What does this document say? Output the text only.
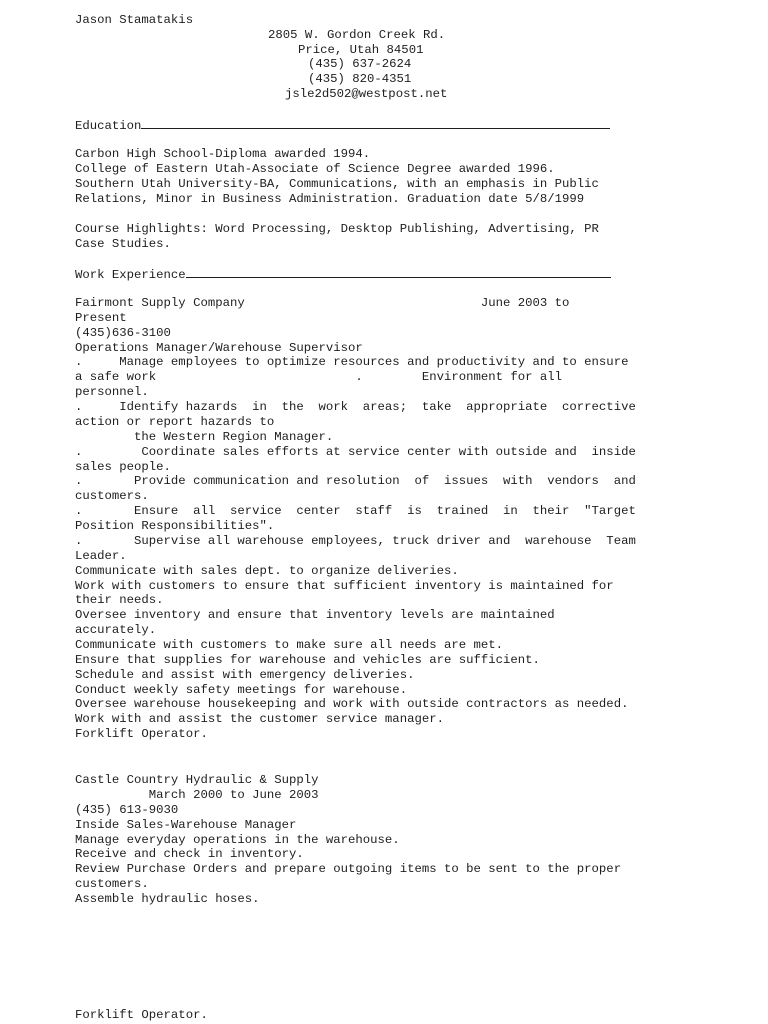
Jason Stamatakis
2805 W. Gordon Creek Rd.
Price, Utah 84501
(435) 637-2624
(435) 820-4351
jsle2d502@westpost.net
Education
Carbon High School-Diploma awarded 1994.
College of Eastern Utah-Associate of Science Degree awarded 1996.
Southern Utah University-BA, Communications, with an emphasis in Public
Relations, Minor in Business Administration. Graduation date 5/8/1999
Course Highlights: Word Processing, Desktop Publishing, Advertising, PR
Case Studies.
Work Experience
Fairmont Supply Company                                June 2003 to
Present
(435)636-3100
Operations Manager/Warehouse Supervisor
.     Manage employees to optimize resources and productivity and to ensure
a safe work                           .        Environment for all
personnel.
.     Identify hazards  in  the  work  areas;  take  appropriate  corrective
action or report hazards to
the Western Region Manager.
.        Coordinate sales efforts at service center with outside and  inside
sales people.
.       Provide communication and resolution  of  issues  with  vendors  and
customers.
.       Ensure  all  service  center  staff  is  trained  in  their  "Target
Position Responsibilities".
.       Supervise all warehouse employees, truck driver and  warehouse  Team
Leader.
Communicate with sales dept. to organize deliveries.
Work with customers to ensure that sufficient inventory is maintained for
their needs.
Oversee inventory and ensure that inventory levels are maintained
accurately.
Communicate with customers to make sure all needs are met.
Ensure that supplies for warehouse and vehicles are sufficient.
Schedule and assist with emergency deliveries.
Conduct weekly safety meetings for warehouse.
Oversee warehouse housekeeping and work with outside contractors as needed.
Work with and assist the customer service manager.
Forklift Operator.
Castle Country Hydraulic & Supply
March 2000 to June 2003
(435) 613-9030
Inside Sales-Warehouse Manager
Manage everyday operations in the warehouse.
Receive and check in inventory.
Review Purchase Orders and prepare outgoing items to be sent to the proper
customers.
Assemble hydraulic hoses.
Forklift Operator.
